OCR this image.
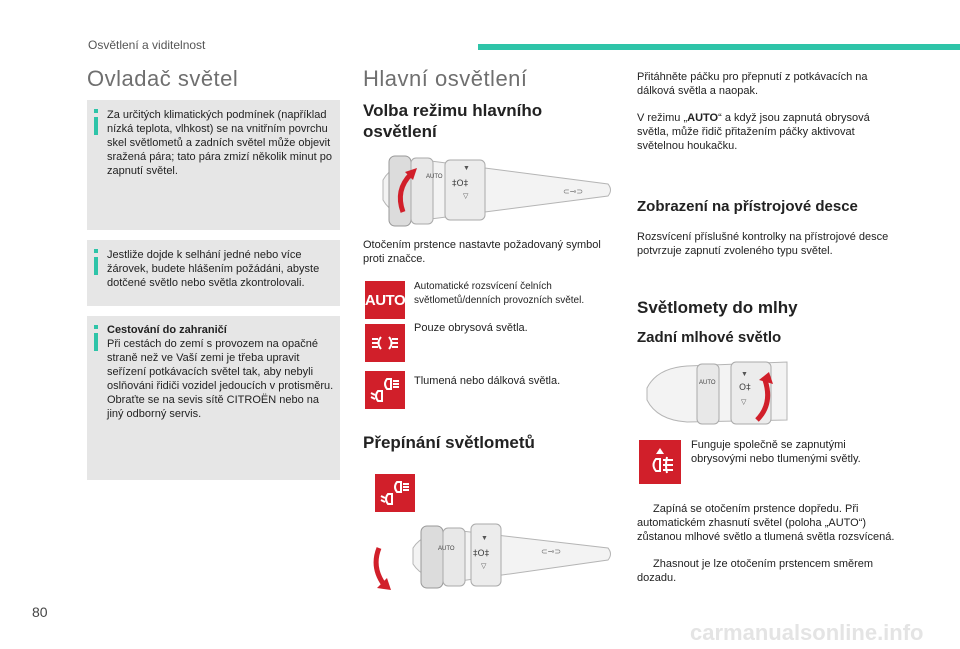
Osvětlení a viditelnost
Ovladač světel
Za určitých klimatických podmínek (například nízká teplota, vlhkost) se na vnitřním povrchu skel světlometů a zadních světel může objevit sražená pára; tato pára zmizí několik minut po zapnutí světel.
Jestliže dojde k selhání jedné nebo více žárovek, budete hlášením požádáni, abyste dotčené světlo nebo světla zkontrolovali.
Cestování do zahraničí
Při cestách do zemí s provozem na opačné straně než ve Vaší zemi je třeba upravit seřízení potkávacích světel tak, aby nebyli oslňováni řidiči vozidel jedoucích v protisměru. Obraťte se na sevis sítě CITROËN nebo na jiný odborný servis.
Hlavní osvětlení
Volba režimu hlavního osvětlení
AUTO
‡O‡
▼
▽
⊂⊸⊃
Otočením prstence nastavte požadovaný symbol proti značce.
AUTO
Automatické rozsvícení čelních světlometů/denních provozních světel.
Pouze obrysová světla.
Tlumená nebo dálková světla.
Přepínání světlometů
AUTO ‡O‡
▼
▽
⊂⊸⊃
Přitáhněte páčku pro přepnutí z potkávacích na dálková světla a naopak.
V režimu „AUTO“ a když jsou zapnutá obrysová světla, může řidič přitažením páčky aktivovat světelnou houkačku.
Zobrazení na přístrojové desce
Rozsvícení příslušné kontrolky na přístrojové desce potvrzuje zapnutí zvoleného typu světel.
Světlomety do mlhy
Zadní mlhové světlo
AUTO	O‡
▼
▽
Funguje společně se zapnutými obrysovými nebo tlumenými světly.
Zapíná se otočením prstence dopředu. Při automatickém zhasnutí světel (poloha „AUTO“) zůstanou mlhové světlo a tlumená světla rozsvícená.
Zhasnout je lze otočením prstencem směrem dozadu.
80
carmanualsonline.info
